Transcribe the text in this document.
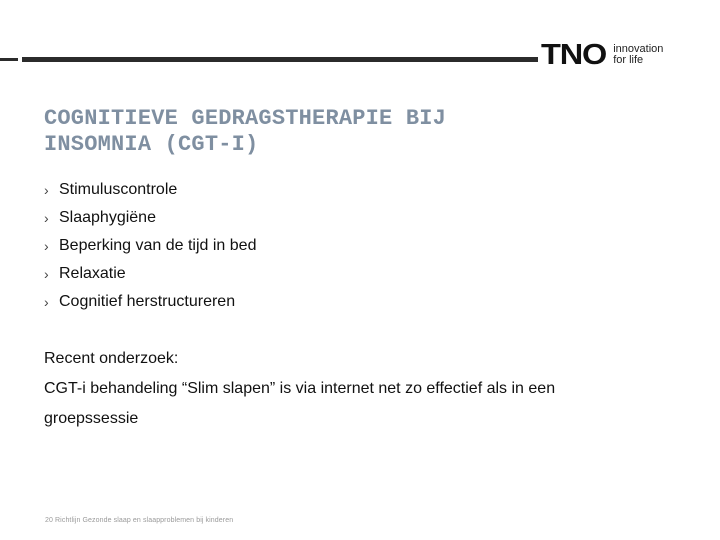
TNO innovation
for life
COGNITIEVE GEDRAGSTHERAPIE BIJ
INSOMNIA (CGT-I)
› Stimuluscontrole
› Slaaphygiëne
› Beperking van de tijd in bed
› Relaxatie
› Cognitief herstructureren
Recent onderzoek:
CGT-i behandeling “Slim slapen” is via internet net zo effectief als in een
groepssessie
20 Richtlijn Gezonde slaap en slaapproblemen bij kinderen
